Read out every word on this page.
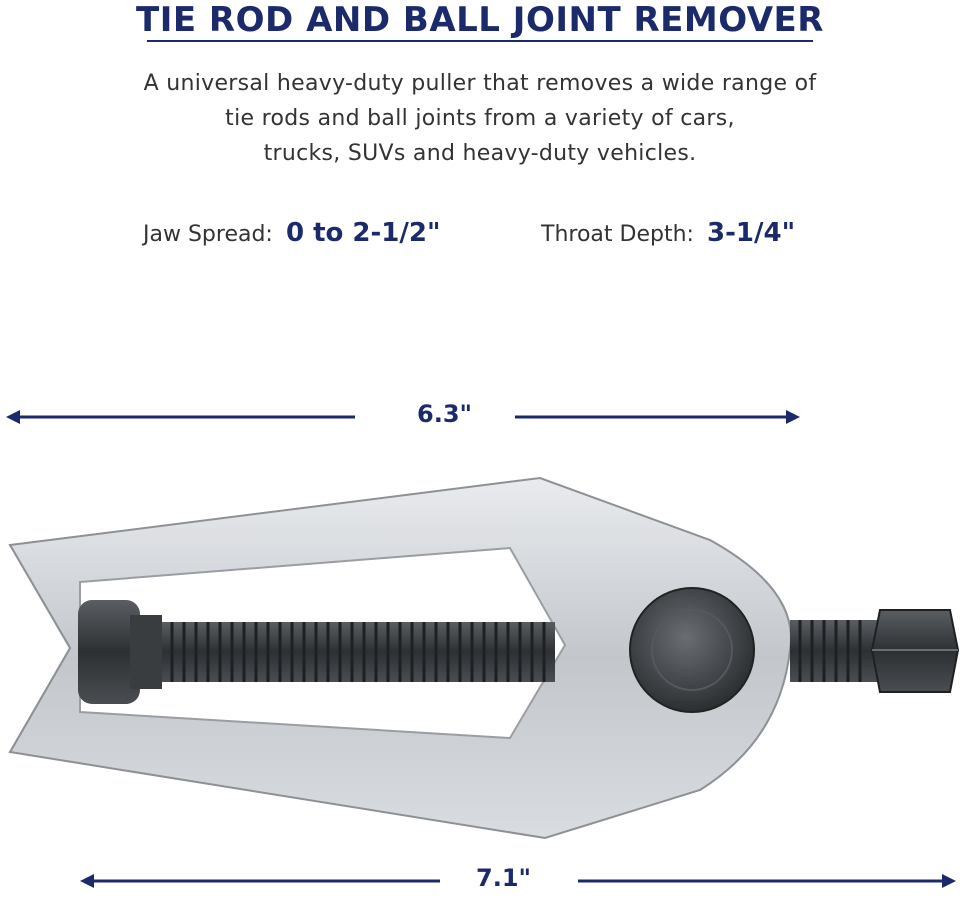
TIE ROD AND BALL JOINT REMOVER
A universal heavy-duty puller that removes a wide range of
tie rods and ball joints from a variety of cars,
trucks, SUVs and heavy-duty vehicles.
Jaw Spread: 0 to 2-1/2"	Throat Depth: 3-1/4"
6.3"
7.1"
